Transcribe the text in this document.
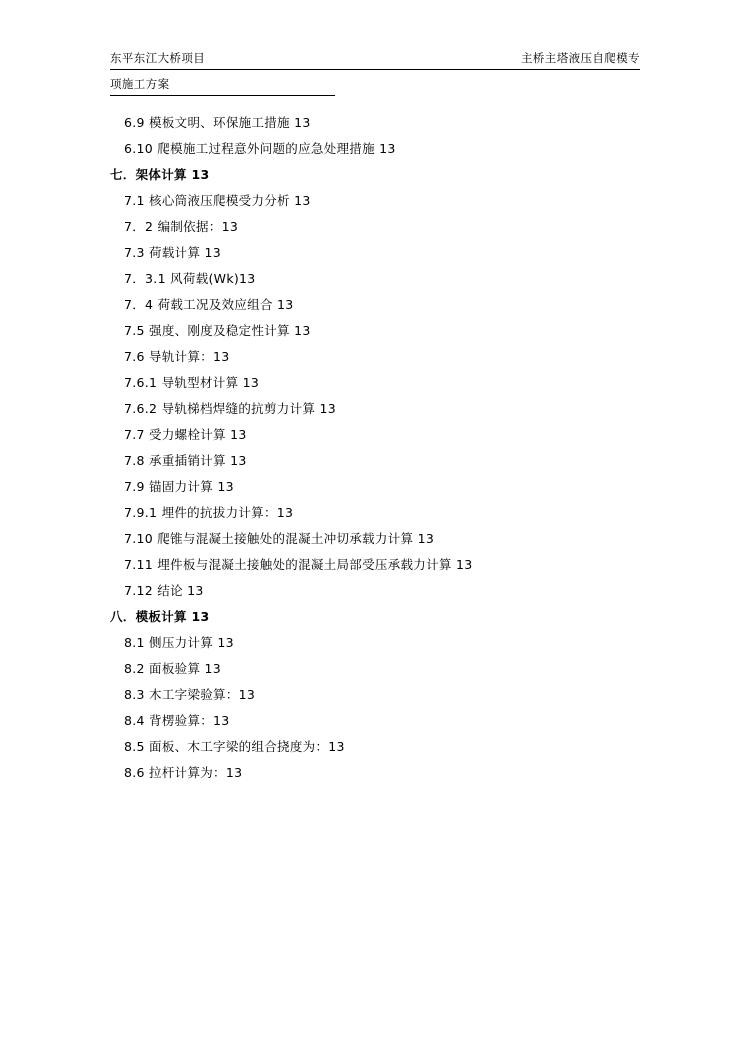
东平东江大桥项目	主桥主塔液压自爬模专
项施工方案
6.9 模板文明、环保施工措施 13
6.10 爬模施工过程意外问题的应急处理措施 13
七．架体计算 13
7.1 核心筒液压爬模受力分析 13
7．2 编制依据：13
7.3 荷载计算 13
7．3.1 风荷载(Wk)13
7．4 荷载工况及效应组合 13
7.5 强度、刚度及稳定性计算 13
7.6 导轨计算：13
7.6.1 导轨型材计算 13
7.6.2 导轨梯档焊缝的抗剪力计算 13
7.7 受力螺栓计算 13
7.8 承重插销计算 13
7.9 锚固力计算 13
7.9.1 埋件的抗拔力计算：13
7.10 爬锥与混凝土接触处的混凝土冲切承载力计算 13
7.11 埋件板与混凝土接触处的混凝土局部受压承载力计算 13
7.12 结论 13
八．模板计算 13
8.1 侧压力计算 13
8.2 面板验算 13
8.3 木工字梁验算：13
8.4 背楞验算：13
8.5 面板、木工字梁的组合挠度为：13
8.6 拉杆计算为：13
